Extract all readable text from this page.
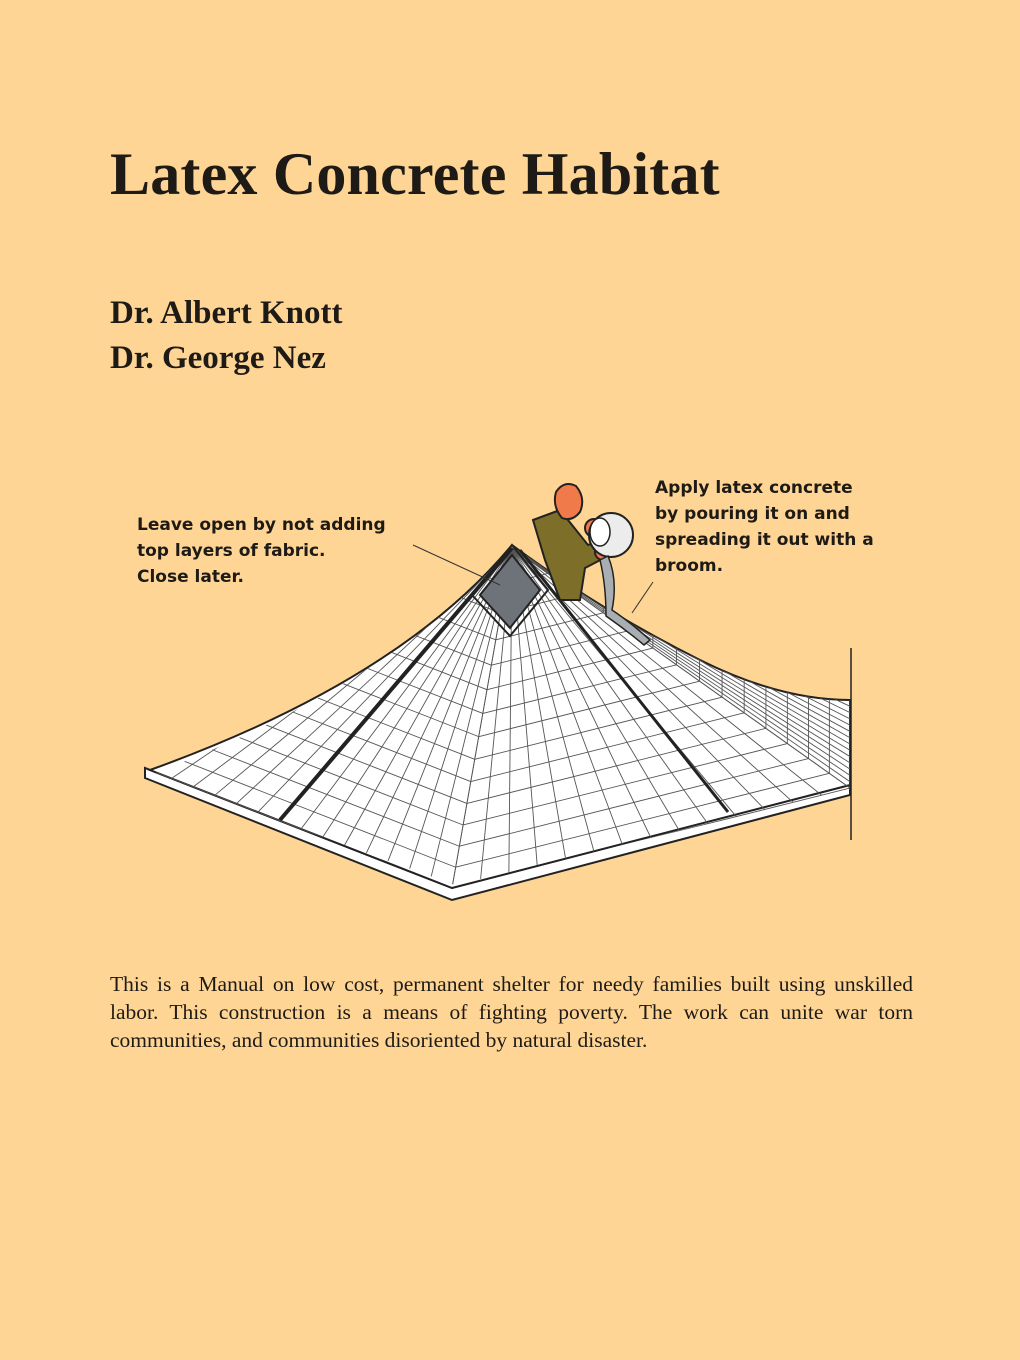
Latex Concrete Habitat
Dr. Albert Knott
Dr. George Nez
Leave open by not adding
top layers of fabric.
Close later.
Apply latex concrete
by pouring it on and
spreading it out with a
broom.

This is a Manual on low cost, permanent shelter for needy families built using unskilled labor. This construction is a means of fighting poverty. The work can unite war torn communities, and communities disoriented by natural disaster.
